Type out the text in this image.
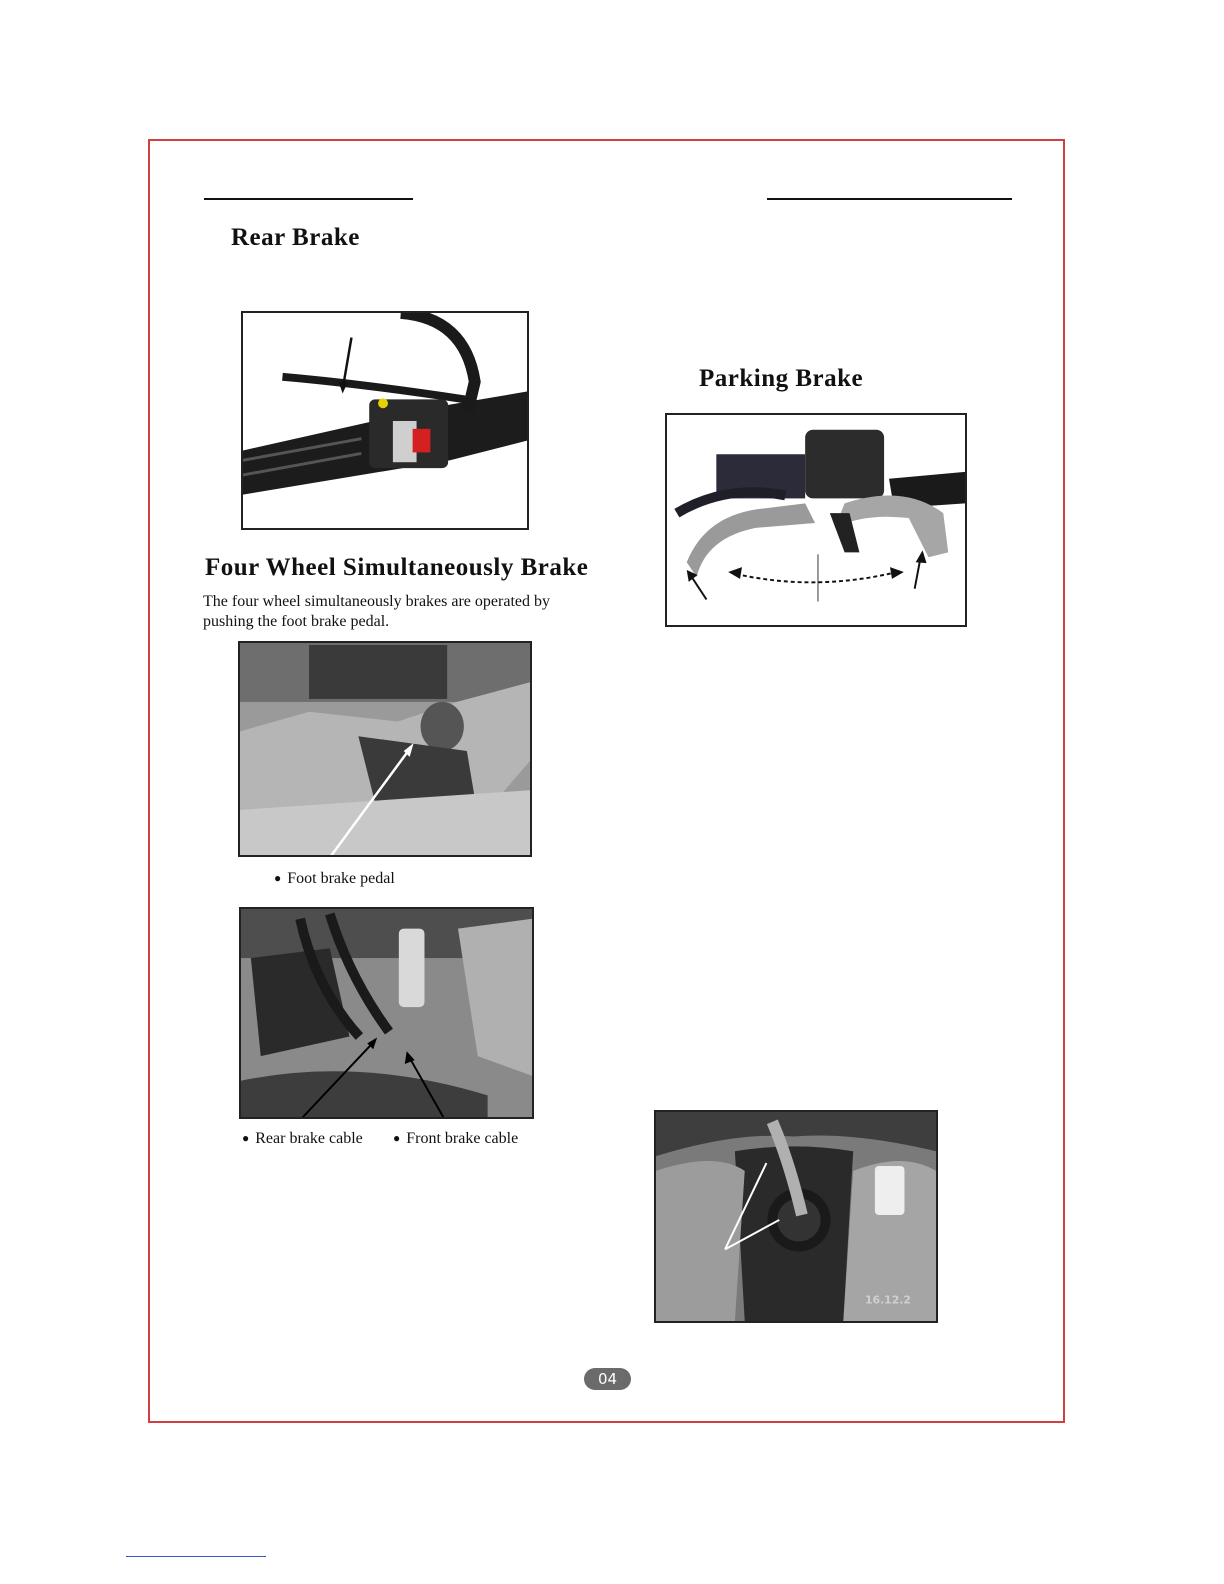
Rear Brake
Four Wheel Simultaneously Brake
The four wheel simultaneously brakes are operated by pushing the foot brake pedal.
● Foot brake pedal
● Rear brake cable	● Front brake cable
Parking Brake
16.12.2
04
